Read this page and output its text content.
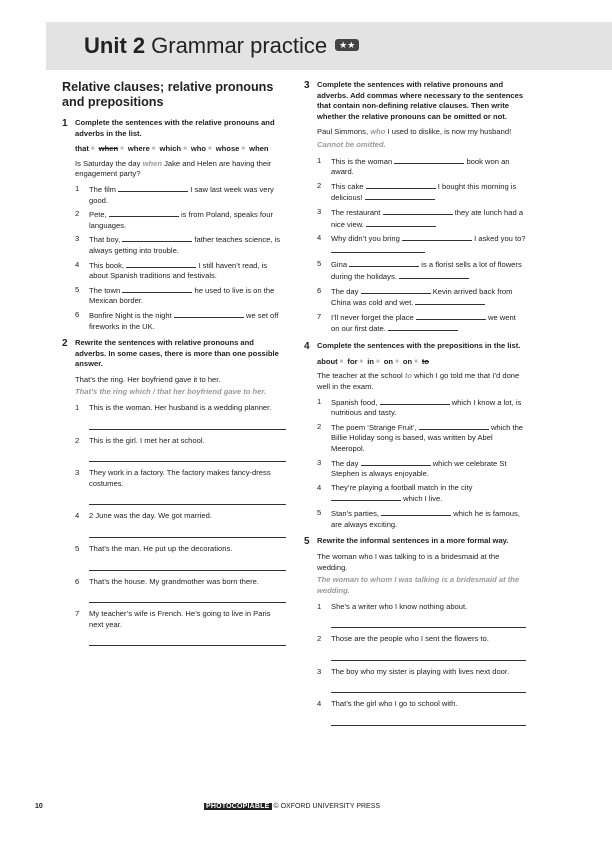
Unit 2 Grammar practice ★★
Relative clauses; relative pronouns and prepositions
1 Complete the sentences with the relative pronouns and adverbs in the list.
that ■ when ■ where ■ which ■ who ■ whose ■ when
Is Saturday the day when Jake and Helen are having their engagement party?
1	The film	I saw last week was very good.
2	Pete,	is from Poland, speaks four languages.
3	That boy,	father teaches science, is always getting into trouble.
4	This book,	I still haven’t read, is about Spanish traditions and festivals.
5	The town	he used to live is on the Mexican border.
6	Bonfire Night is the night	we set off fireworks in the UK.
2 Rewrite the sentences with relative pronouns and adverbs. In some cases, there is more than one possible answer.
That’s the ring. Her boyfriend gave it to her.
That’s the ring which / that her boyfriend gave to her.
1	This is the woman. Her husband is a wedding planner.
2	This is the girl. I met her at school.
3	They work in a factory. The factory makes fancy-dress costumes.
4	2 June was the day. We got married.
5	That’s the man. He put up the decorations.
6	That’s the house. My grandmother was born there.
7	My teacher’s wife is French. He’s going to live in Paris next year.
3 Complete the sentences with relative pronouns and adverbs. Add commas where necessary to the sentences that contain non-defining relative clauses. Then write whether the relative pronouns can be omitted or not.
Paul Simmons, who I used to dislike, is now my husband!
Cannot be omitted.
1	This is the woman	book won an award.
2	This cake	I bought this morning is delicious!
3	The restaurant	they ate lunch had a nice view.
4	Why didn’t you bring	I asked you to?
5	Gina	is a florist sells a lot of flowers during the holidays.
6	The day	Kevin arrived back from China was cold and wet.
7	I’ll never forget the place	we went on our first date.
4 Complete the sentences with the prepositions in the list.
about ■ for ■ in ■ on ■ on ■ to
The teacher at the school to which I go told me that I’d done well in the exam.
1	Spanish food,	which I know a lot, is nutritious and tasty.
2	The poem ‘Strange Fruit’,	which the Billie Holiday song is based, was written by Abel Meeropol.
3	The day	which we celebrate St Stephen is always enjoyable.
4	They’re playing a football match in the city  which I live.
5	Stan’s parties,	which he is famous, are always exciting.
5 Rewrite the informal sentences in a more formal way.
The woman who I was talking to is a bridesmaid at the wedding.
The woman to whom I was talking is a bridesmaid at the wedding.
1	She’s a writer who I know nothing about.
2	Those are the people who I sent the flowers to.
3	The boy who my sister is playing with lives next door.
4	That’s the girl who I go to school with.
10	PHOTOCOPIABLE © OXFORD UNIVERSITY PRESS
